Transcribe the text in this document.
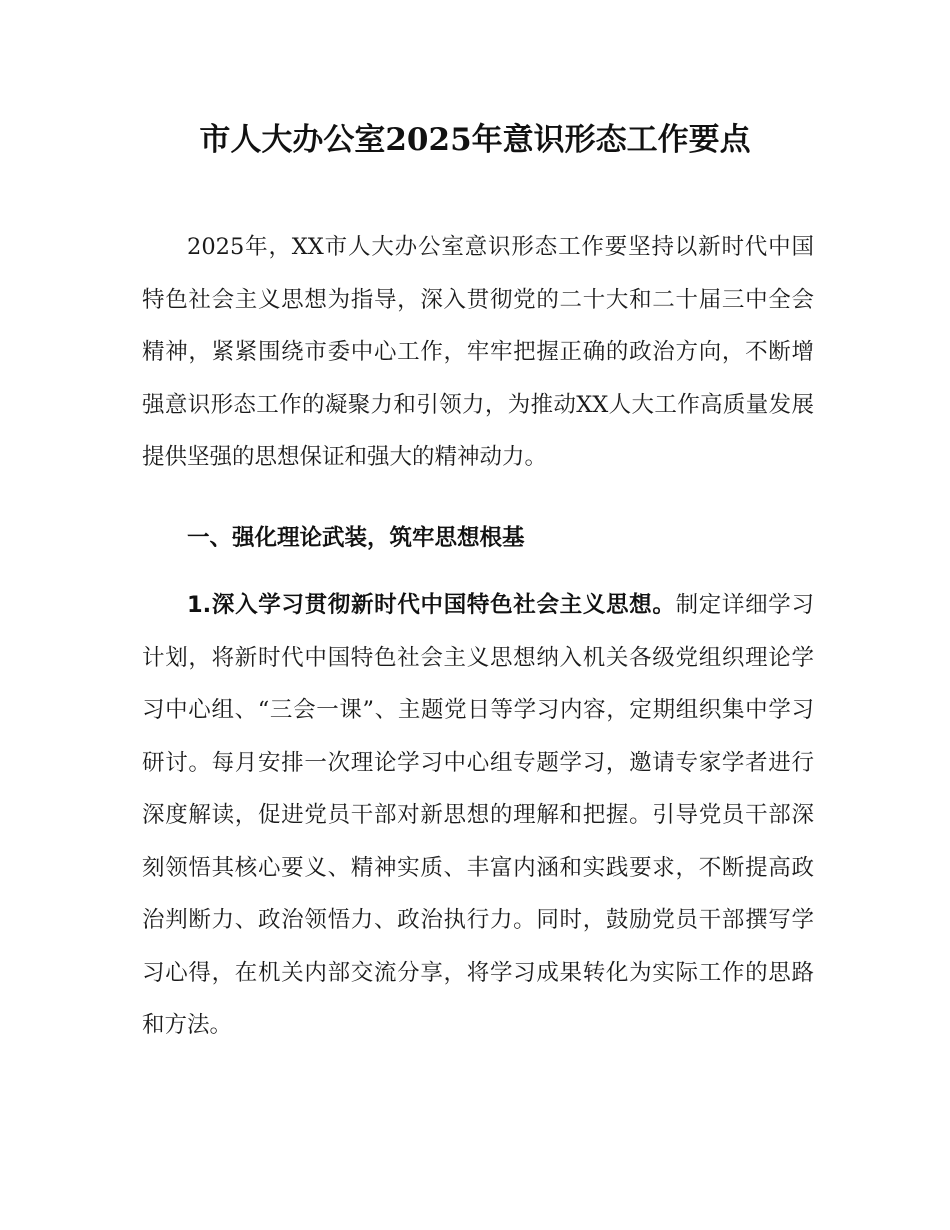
市人大办公室2025年意识形态工作要点
2025年，XX市人大办公室意识形态工作要坚持以新时代中国特色社会主义思想为指导，深入贯彻党的二十大和二十届三中全会精神，紧紧围绕市委中心工作，牢牢把握正确的政治方向，不断增强意识形态工作的凝聚力和引领力，为推动XX人大工作高质量发展提供坚强的思想保证和强大的精神动力。
一、强化理论武装，筑牢思想根基
1.深入学习贯彻新时代中国特色社会主义思想。制定详细学习计划，将新时代中国特色社会主义思想纳入机关各级党组织理论学习中心组、“三会一课”、主题党日等学习内容，定期组织集中学习研讨。每月安排一次理论学习中心组专题学习，邀请专家学者进行深度解读，促进党员干部对新思想的理解和把握。引导党员干部深刻领悟其核心要义、精神实质、丰富内涵和实践要求，不断提高政治判断力、政治领悟力、政治执行力。同时，鼓励党员干部撰写学习心得，在机关内部交流分享，将学习成果转化为实际工作的思路和方法。
